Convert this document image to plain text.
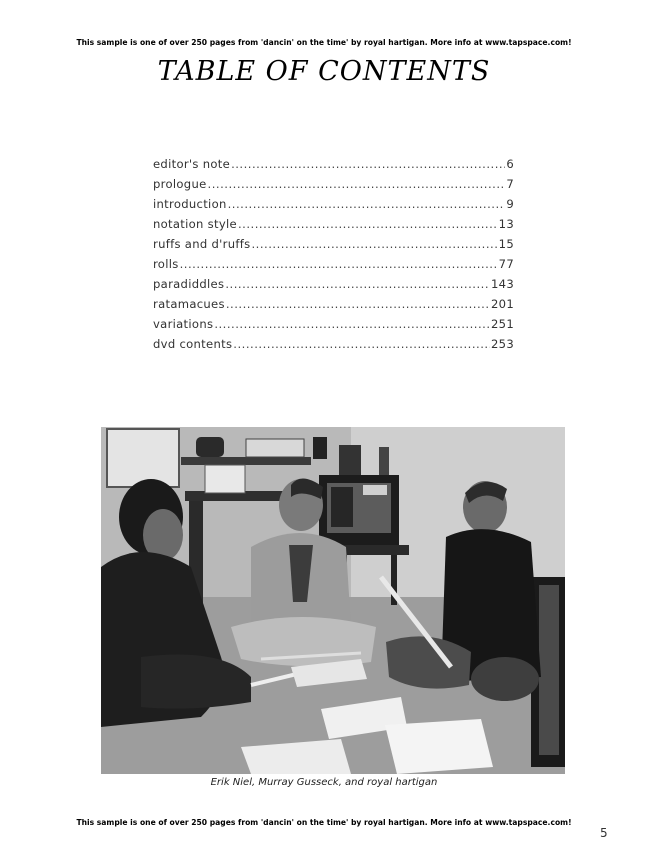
This sample is one of over 250 pages from 'dancin' on the time' by royal hartigan. More info at www.tapspace.com!
TABLE OF CONTENTS
editor's note .....	6
prologue .....	7
introduction .....	9
notation style .....	13
ruffs and d'ruffs .....	15
rolls .....	77
paradiddles .....	143
ratamacues .....	201
variations .....	251
dvd contents .....	253
Erik Niel, Murray Gusseck, and royal hartigan
This sample is one of over 250 pages from 'dancin' on the time' by royal hartigan. More info at www.tapspace.com!
5
